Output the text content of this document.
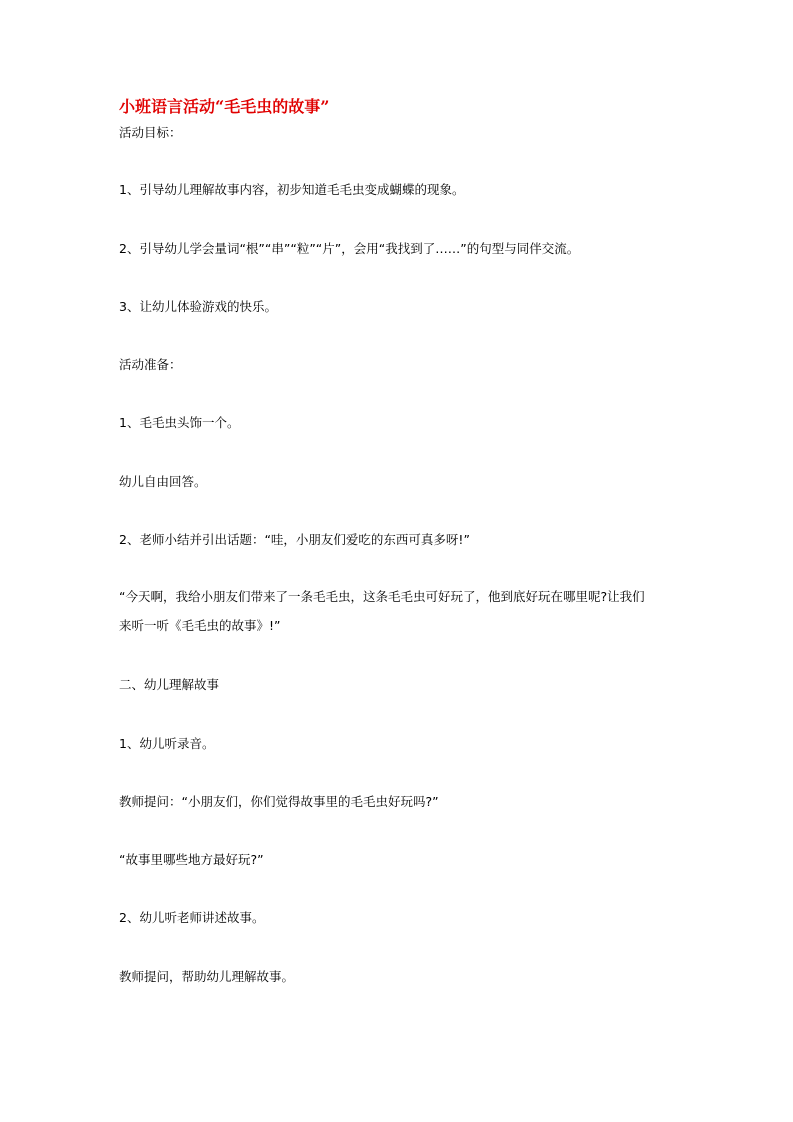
小班语言活动“毛毛虫的故事”
活动目标：
1、引导幼儿理解故事内容，初步知道毛毛虫变成蝴蝶的现象。
2、引导幼儿学会量词“根”“串”“粒”“片”，会用“我找到了……”的句型与同伴交流。
3、让幼儿体验游戏的快乐。
活动准备：
1、毛毛虫头饰一个。
幼儿自由回答。
2、老师小结并引出话题：“哇，小朋友们爱吃的东西可真多呀!”
“今天啊，我给小朋友们带来了一条毛毛虫，这条毛毛虫可好玩了，他到底好玩在哪里呢?让我们
来听一听《毛毛虫的故事》!”
二、幼儿理解故事
1、幼儿听录音。
教师提问：“小朋友们，你们觉得故事里的毛毛虫好玩吗?”
“故事里哪些地方最好玩?”
2、幼儿听老师讲述故事。
教师提问，帮助幼儿理解故事。
